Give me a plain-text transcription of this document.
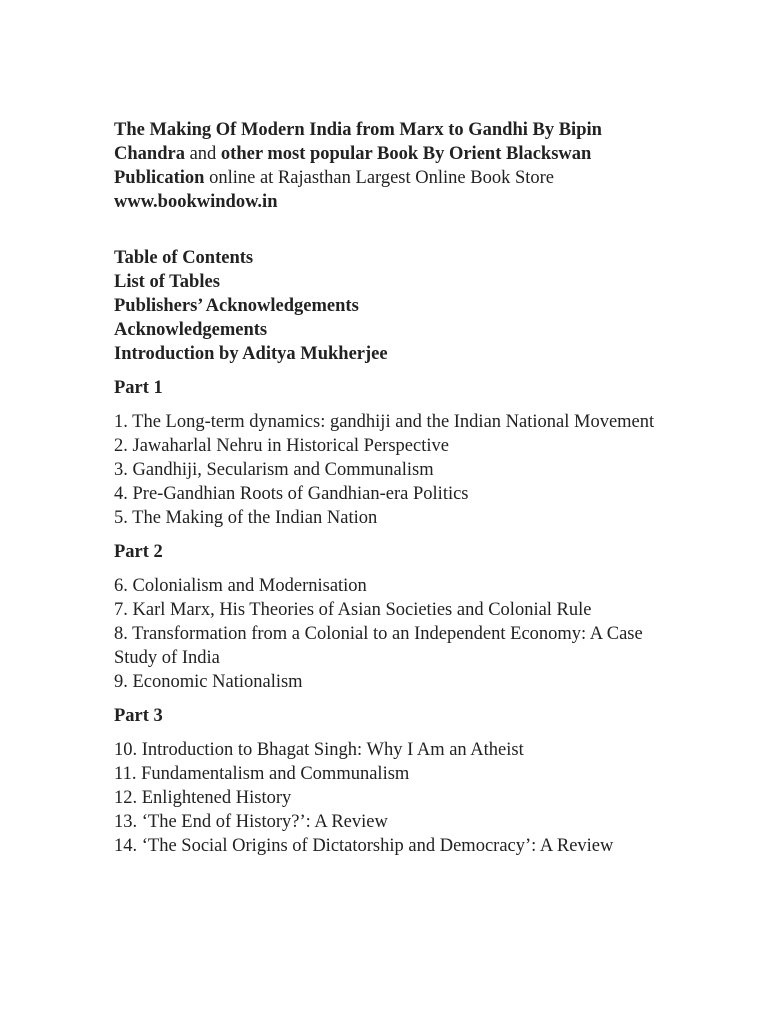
The Making Of Modern India from Marx to Gandhi By Bipin Chandra and other most popular Book By Orient Blackswan Publication online at Rajasthan Largest Online Book Store www.bookwindow.in

Table of Contents
List of Tables
Publishers’ Acknowledgements
Acknowledgements
Introduction by Aditya Mukherjee
Part 1
1. The Long-term dynamics: gandhiji and the Indian National Movement
2. Jawaharlal Nehru in Historical Perspective
3. Gandhiji, Secularism and Communalism
4. Pre-Gandhian Roots of Gandhian-era Politics
5. The Making of the Indian Nation
Part 2
6. Colonialism and Modernisation
7. Karl Marx, His Theories of Asian Societies and Colonial Rule
8. Transformation from a Colonial to an Independent Economy: A Case Study of India
9. Economic Nationalism
Part 3
10. Introduction to Bhagat Singh: Why I Am an Atheist
11. Fundamentalism and Communalism
12. Enlightened History
13. ‘The End of History?’: A Review
14. ‘The Social Origins of Dictatorship and Democracy’: A Review
